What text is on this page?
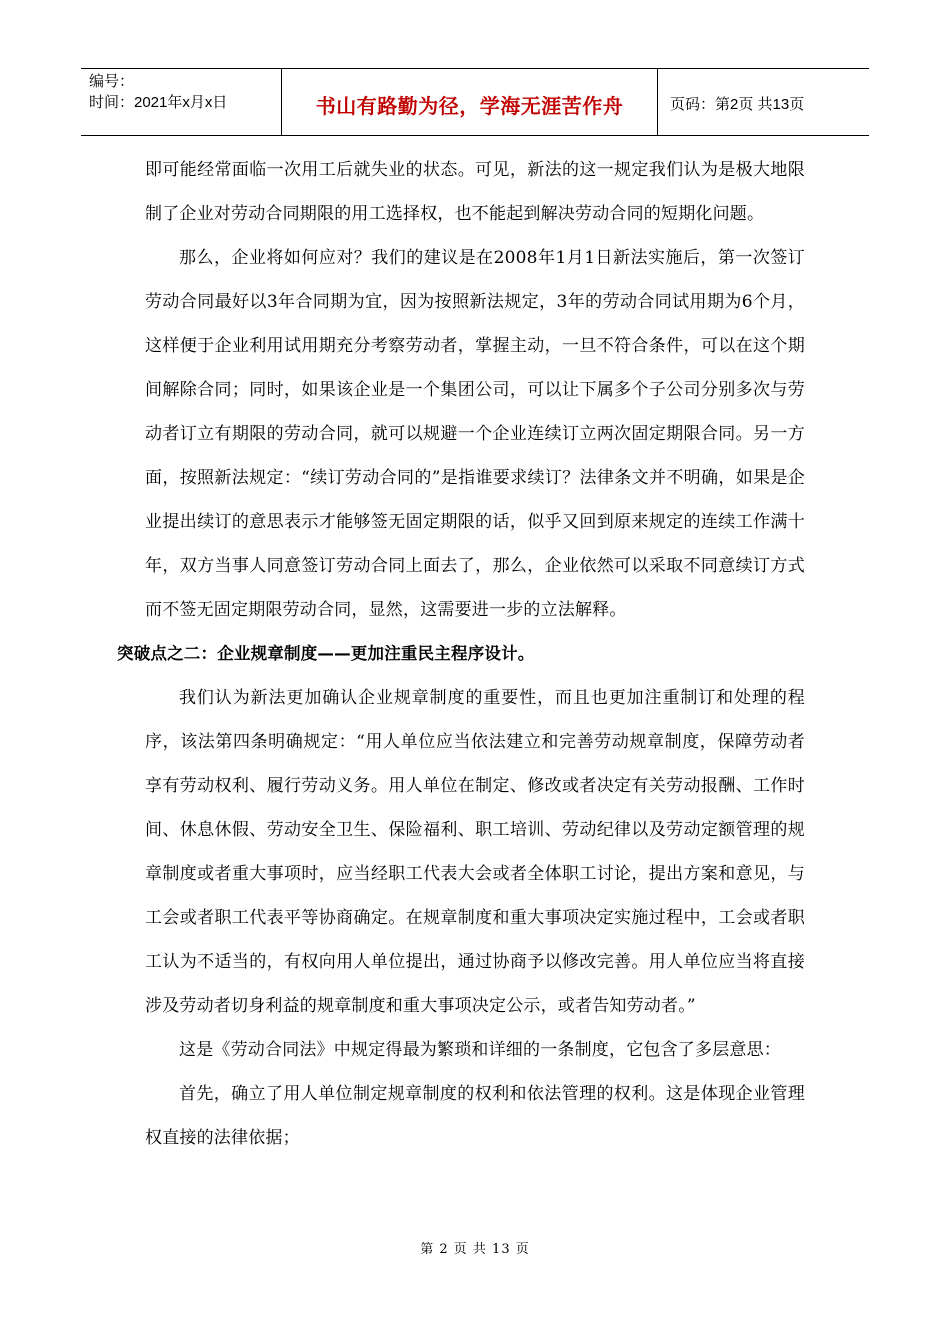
编号：
时间：2021年x月x日	书山有路勤为径，学海无涯苦作舟	页码：第2页 共13页

即可能经常面临一次用工后就失业的状态。可见，新法的这一规定我们认为是极大地限制了企业对劳动合同期限的用工选择权，也不能起到解决劳动合同的短期化问题。

那么，企业将如何应对？我们的建议是在2008年1月1日新法实施后，第一次签订劳动合同最好以3年合同期为宜，因为按照新法规定，3年的劳动合同试用期为6个月，这样便于企业利用试用期充分考察劳动者，掌握主动，一旦不符合条件，可以在这个期间解除合同；同时，如果该企业是一个集团公司，可以让下属多个子公司分别多次与劳动者订立有期限的劳动合同，就可以规避一个企业连续订立两次固定期限合同。另一方面，按照新法规定：“续订劳动合同的”是指谁要求续订？法律条文并不明确，如果是企业提出续订的意思表示才能够签无固定期限的话，似乎又回到原来规定的连续工作满十年，双方当事人同意签订劳动合同上面去了，那么，企业依然可以采取不同意续订方式而不签无固定期限劳动合同，显然，这需要进一步的立法解释。

突破点之二：企业规章制度——更加注重民主程序设计。

我们认为新法更加确认企业规章制度的重要性，而且也更加注重制订和处理的程序，该法第四条明确规定：“用人单位应当依法建立和完善劳动规章制度，保障劳动者享有劳动权利、履行劳动义务。用人单位在制定、修改或者决定有关劳动报酬、工作时间、休息休假、劳动安全卫生、保险福利、职工培训、劳动纪律以及劳动定额管理的规章制度或者重大事项时，应当经职工代表大会或者全体职工讨论，提出方案和意见，与工会或者职工代表平等协商确定。在规章制度和重大事项决定实施过程中，工会或者职工认为不适当的，有权向用人单位提出，通过协商予以修改完善。用人单位应当将直接涉及劳动者切身利益的规章制度和重大事项决定公示，或者告知劳动者。”

这是《劳动合同法》中规定得最为繁琐和详细的一条制度，它包含了多层意思：

首先，确立了用人单位制定规章制度的权利和依法管理的权利。这是体现企业管理权直接的法律依据；

第 2 页 共 13 页
